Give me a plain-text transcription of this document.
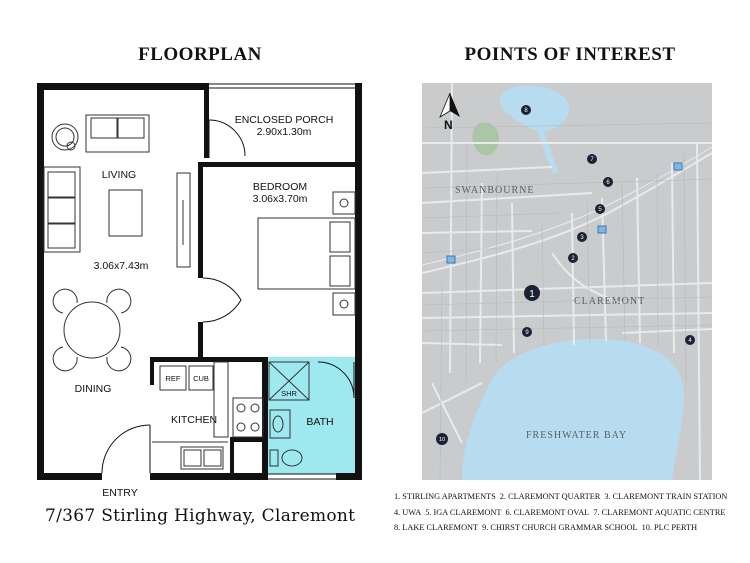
FLOORPLAN	POINTS OF INTEREST
ENCLOSED PORCH
2.90x1.30m
LIVING
3.06x7.43m
BEDROOM
3.06x3.70m
DINING
KITCHEN	BATH
REF CUB
SHR
ENTRY
7/367 Stirling Highway, Claremont
N
SWANBOURNE
CLAREMONT
FRESHWATER BAY
1
2
3
4
5
6
7
8
9
10
1. STIRLING APARTMENTS 2. CLAREMONT QUARTER 3. CLAREMONT TRAIN STATION
4. UWA 5. IGA CLAREMONT 6. CLAREMONT OVAL 7. CLAREMONT AQUATIC CENTRE
8. LAKE CLAREMONT 9. CHIRST CHURCH GRAMMAR SCHOOL 10. PLC PERTH
